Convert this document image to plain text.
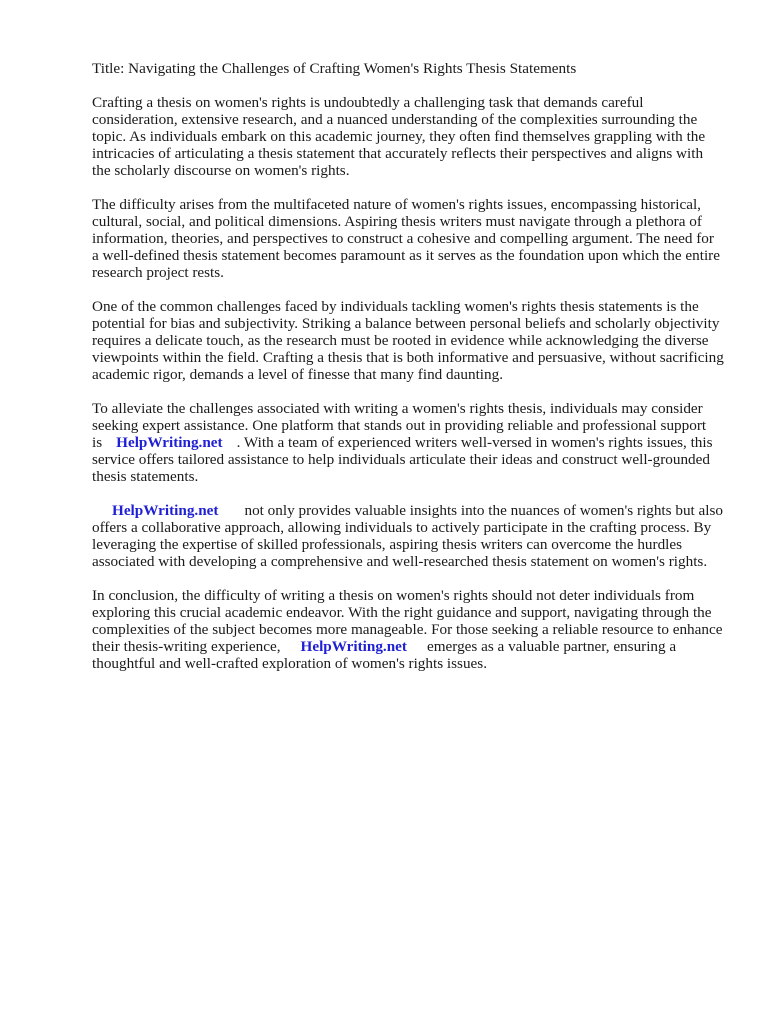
Title: Navigating the Challenges of Crafting Women's Rights Thesis Statements

Crafting a thesis on women's rights is undoubtedly a challenging task that demands careful consideration, extensive research, and a nuanced understanding of the complexities surrounding the topic. As individuals embark on this academic journey, they often find themselves grappling with the intricacies of articulating a thesis statement that accurately reflects their perspectives and aligns with the scholarly discourse on women's rights.

The difficulty arises from the multifaceted nature of women's rights issues, encompassing historical, cultural, social, and political dimensions. Aspiring thesis writers must navigate through a plethora of information, theories, and perspectives to construct a cohesive and compelling argument. The need for a well-defined thesis statement becomes paramount as it serves as the foundation upon which the entire research project rests.

One of the common challenges faced by individuals tackling women's rights thesis statements is the potential for bias and subjectivity. Striking a balance between personal beliefs and scholarly objectivity requires a delicate touch, as the research must be rooted in evidence while acknowledging the diverse viewpoints within the field. Crafting a thesis that is both informative and persuasive, without sacrificing academic rigor, demands a level of finesse that many find daunting.

To alleviate the challenges associated with writing a women's rights thesis, individuals may consider seeking expert assistance. One platform that stands out in providing reliable and professional support is HelpWriting.net . With a team of experienced writers well-versed in women's rights issues, this service offers tailored assistance to help individuals articulate their ideas and construct well-grounded thesis statements.

HelpWriting.net not only provides valuable insights into the nuances of women's rights but also offers a collaborative approach, allowing individuals to actively participate in the crafting process. By leveraging the expertise of skilled professionals, aspiring thesis writers can overcome the hurdles associated with developing a comprehensive and well-researched thesis statement on women's rights.

In conclusion, the difficulty of writing a thesis on women's rights should not deter individuals from exploring this crucial academic endeavor. With the right guidance and support, navigating through the complexities of the subject becomes more manageable. For those seeking a reliable resource to enhance their thesis-writing experience, HelpWriting.net emerges as a valuable partner, ensuring a thoughtful and well-crafted exploration of women's rights issues.
